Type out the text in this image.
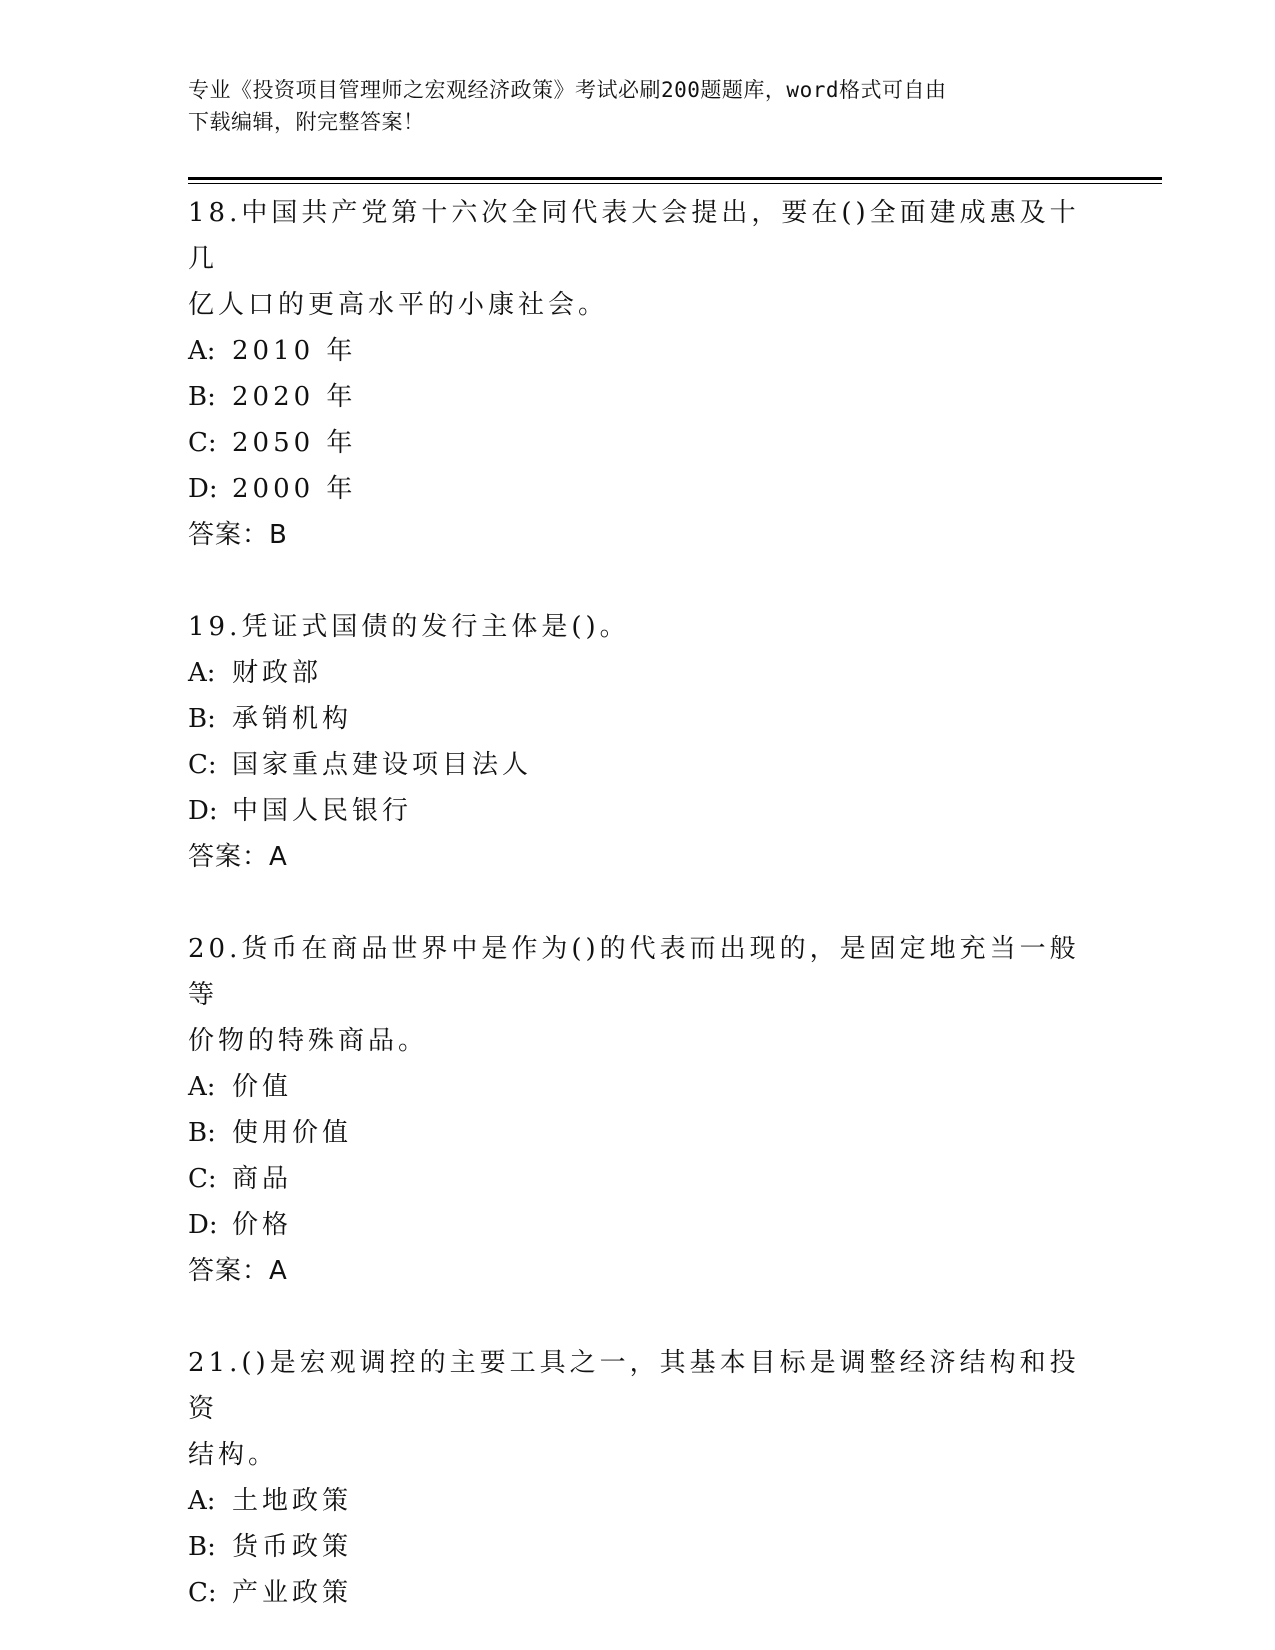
专业《投资项目管理师之宏观经济政策》考试必刷200题题库，word格式可自由
下载编辑，附完整答案！
18.中国共产党第十六次全同代表大会提出，要在()全面建成惠及十几
亿人口的更高水平的小康社会。
A: 2010 年
B: 2020 年
C: 2050 年
D: 2000 年
答案：B
19.凭证式国债的发行主体是()。
A: 财政部
B: 承销机构
C: 国家重点建设项目法人
D: 中国人民银行
答案：A
20.货币在商品世界中是作为()的代表而出现的，是固定地充当一般等
价物的特殊商品。
A: 价值
B: 使用价值
C: 商品
D: 价格
答案：A
21.()是宏观调控的主要工具之一，其基本目标是调整经济结构和投资
结构。
A: 土地政策
B: 货币政策
C: 产业政策
